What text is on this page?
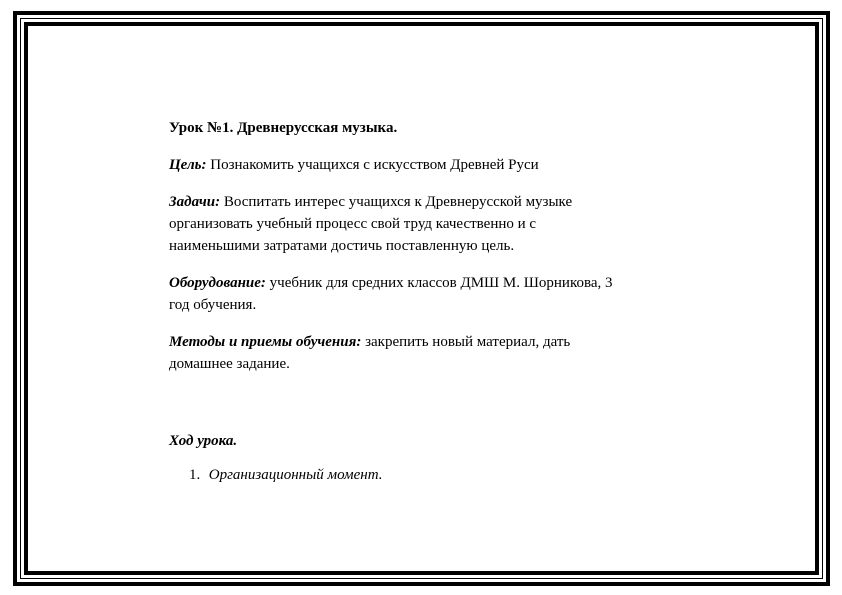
Урок №1. Древнерусская музыка.

Цель: Познакомить учащихся с искусством Древней Руси

Задачи: Воспитать интерес учащихся к Древнерусской музыке
организовать учебный процесс свой труд качественно и с
наименьшими затратами достичь поставленную цель.

Оборудование: учебник для средних классов ДМШ М. Шорникова, 3
год обучения.

Методы и приемы обучения: закрепить новый материал, дать
домашнее задание.

Ход урока.

1. Организационный момент.
